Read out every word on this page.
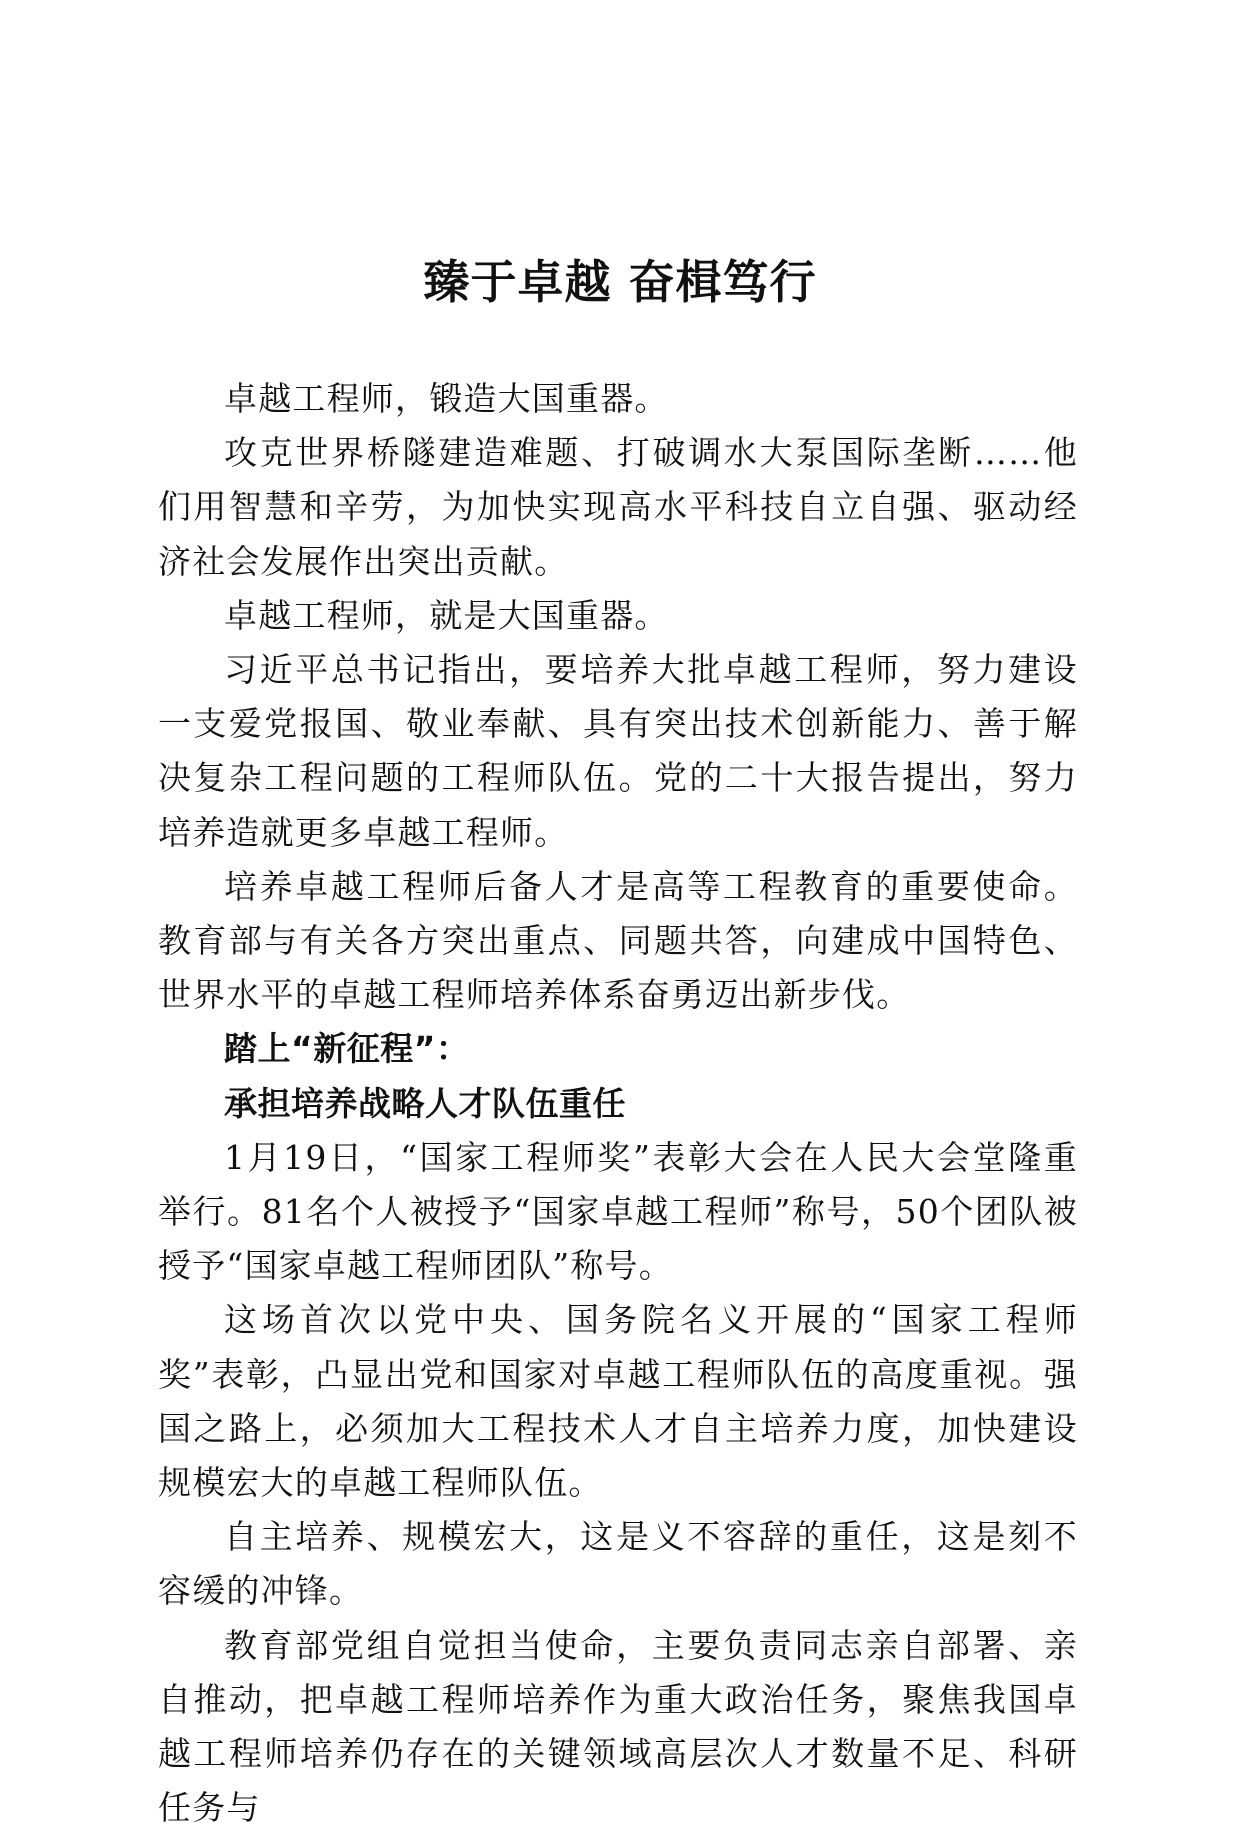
臻于卓越 奋楫笃行

卓越工程师，锻造大国重器。

攻克世界桥隧建造难题、打破调水大泵国际垄断……他们用智慧和辛劳，为加快实现高水平科技自立自强、驱动经济社会发展作出突出贡献。

卓越工程师，就是大国重器。

习近平总书记指出，要培养大批卓越工程师，努力建设一支爱党报国、敬业奉献、具有突出技术创新能力、善于解决复杂工程问题的工程师队伍。党的二十大报告提出，努力培养造就更多卓越工程师。

培养卓越工程师后备人才是高等工程教育的重要使命。教育部与有关各方突出重点、同题共答，向建成中国特色、世界水平的卓越工程师培养体系奋勇迈出新步伐。

踏上“新征程”：

承担培养战略人才队伍重任

1月19日，“国家工程师奖”表彰大会在人民大会堂隆重举行。81名个人被授予“国家卓越工程师”称号，50个团队被授予“国家卓越工程师团队”称号。

这场首次以党中央、国务院名义开展的“国家工程师奖”表彰，凸显出党和国家对卓越工程师队伍的高度重视。强国之路上，必须加大工程技术人才自主培养力度，加快建设规模宏大的卓越工程师队伍。

自主培养、规模宏大，这是义不容辞的重任，这是刻不容缓的冲锋。

教育部党组自觉担当使命，主要负责同志亲自部署、亲自推动，把卓越工程师培养作为重大政治任务，聚焦我国卓越工程师培养仍存在的关键领域高层次人才数量不足、科研任务与
